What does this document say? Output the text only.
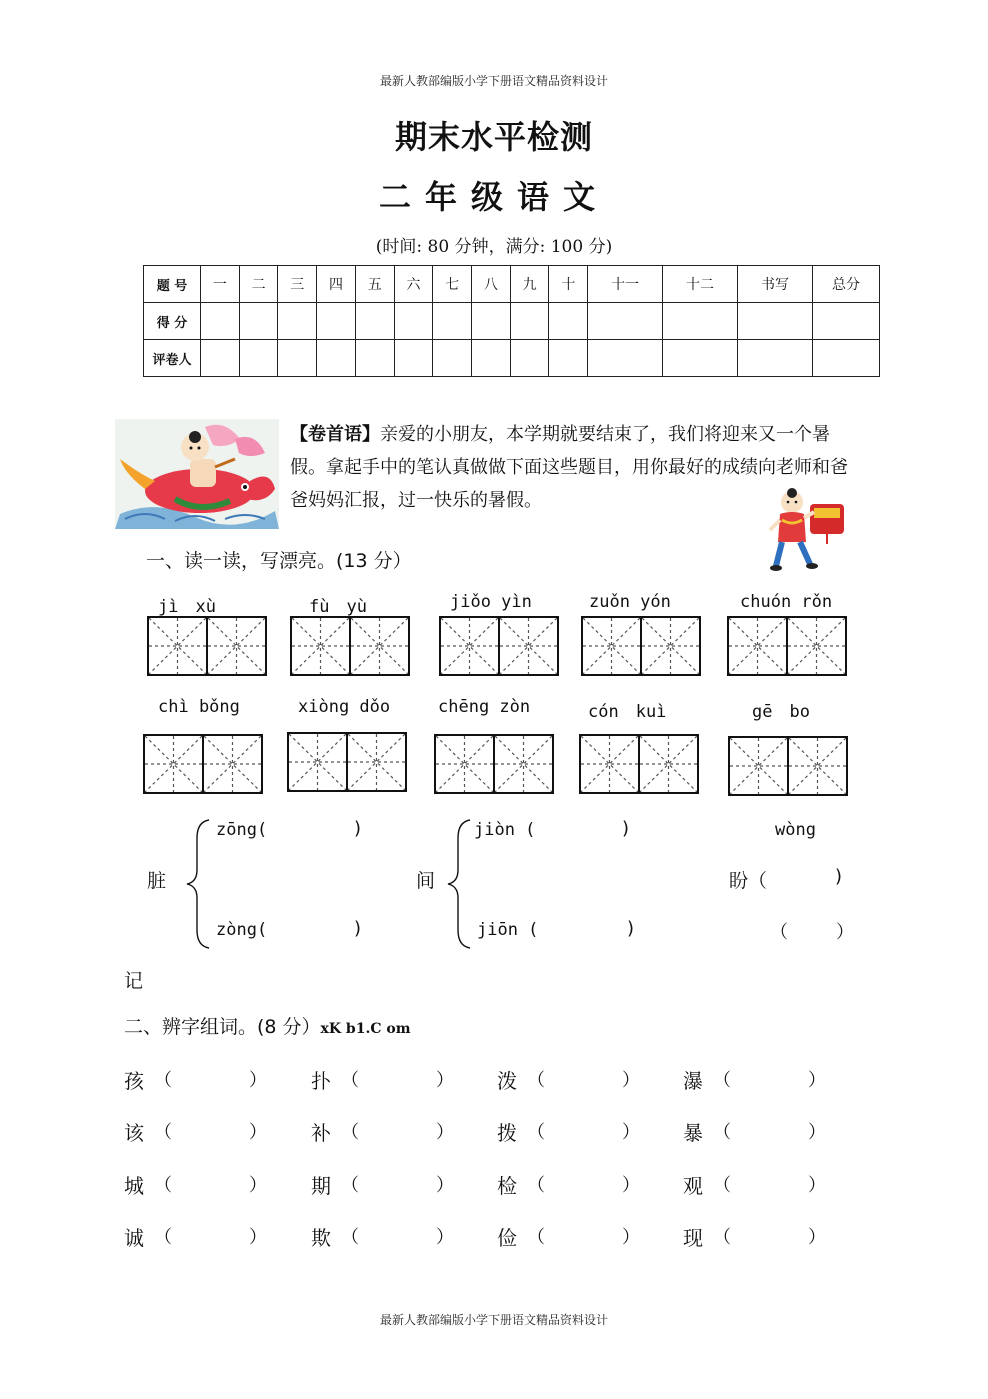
最新人教部编版小学下册语文精品资料设计
期末水平检测
二年级语文
(时间: 80 分钟，满分: 100 分)
题 号	一	二	三	四	五	六	七	八	九	十	十一	十二	书写	总分
得 分														
评卷人														
【卷首语】亲爱的小朋友，本学期就要结束了，我们将迎来又一个暑假。拿起手中的笔认真做做下面这些题目，用你最好的成绩向老师和爸爸妈妈汇报，过一快乐的暑假。
一、读一读，写漂亮。(13 分）
jì　xù	fù　yù	jiǒo yìn	zuǒn yón	chuón rǒn
chì bǒng	xiòng dǒo	chēng zòn	cón　kuì	gē　bo
脏
zōng(	)
zòng(	)
间
jiòn (	)
jiōn (	)
wòng
盼（	)
（	）
记
二、辨字组词。(8 分）xK b1.C om
孩 （	） 扑 （	） 泼 （	） 瀑 （	）
该 （	） 补 （	） 拨 （	） 暴 （	）
城 （	） 期 （	） 检 （	） 观 （	）
诚 （	） 欺 （	） 俭 （	） 现 （	）
最新人教部编版小学下册语文精品资料设计
